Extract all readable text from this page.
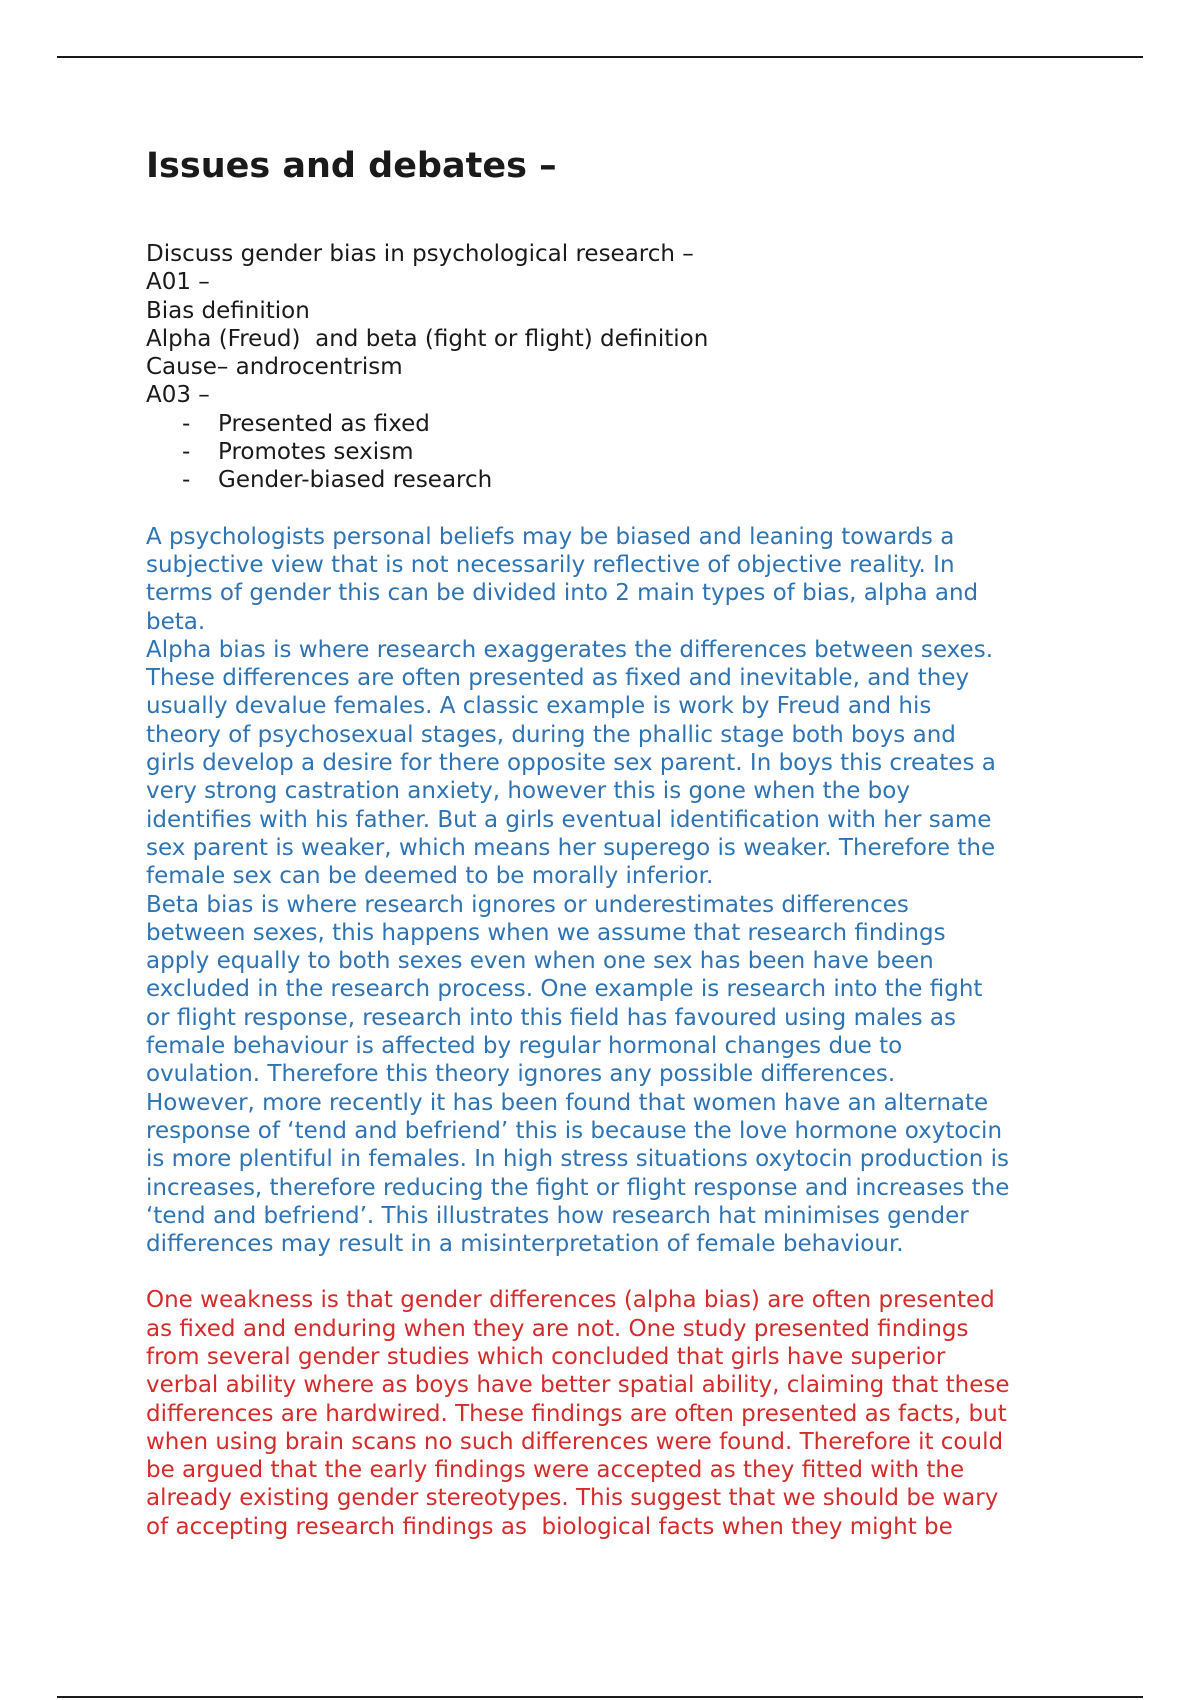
Issues and debates –
Discuss gender bias in psychological research –
A01 –
Bias definition
Alpha (Freud)  and beta (fight or flight) definition
Cause– androcentrism
A03 –
- Presented as fixed
- Promotes sexism
- Gender-biased research
A psychologists personal beliefs may be biased and leaning towards a
subjective view that is not necessarily reflective of objective reality. In
terms of gender this can be divided into 2 main types of bias, alpha and
beta.
Alpha bias is where research exaggerates the differences between sexes.
These differences are often presented as fixed and inevitable, and they
usually devalue females. A classic example is work by Freud and his
theory of psychosexual stages, during the phallic stage both boys and
girls develop a desire for there opposite sex parent. In boys this creates a
very strong castration anxiety, however this is gone when the boy
identifies with his father. But a girls eventual identification with her same
sex parent is weaker, which means her superego is weaker. Therefore the
female sex can be deemed to be morally inferior.
Beta bias is where research ignores or underestimates differences
between sexes, this happens when we assume that research findings
apply equally to both sexes even when one sex has been have been
excluded in the research process. One example is research into the fight
or flight response, research into this field has favoured using males as
female behaviour is affected by regular hormonal changes due to
ovulation. Therefore this theory ignores any possible differences.
However, more recently it has been found that women have an alternate
response of ‘tend and befriend’ this is because the love hormone oxytocin
is more plentiful in females. In high stress situations oxytocin production is
increases, therefore reducing the fight or flight response and increases the
‘tend and befriend’. This illustrates how research hat minimises gender
differences may result in a misinterpretation of female behaviour.
One weakness is that gender differences (alpha bias) are often presented
as fixed and enduring when they are not. One study presented findings
from several gender studies which concluded that girls have superior
verbal ability where as boys have better spatial ability, claiming that these
differences are hardwired. These findings are often presented as facts, but
when using brain scans no such differences were found. Therefore it could
be argued that the early findings were accepted as they fitted with the
already existing gender stereotypes. This suggest that we should be wary
of accepting research findings as  biological facts when they might be
